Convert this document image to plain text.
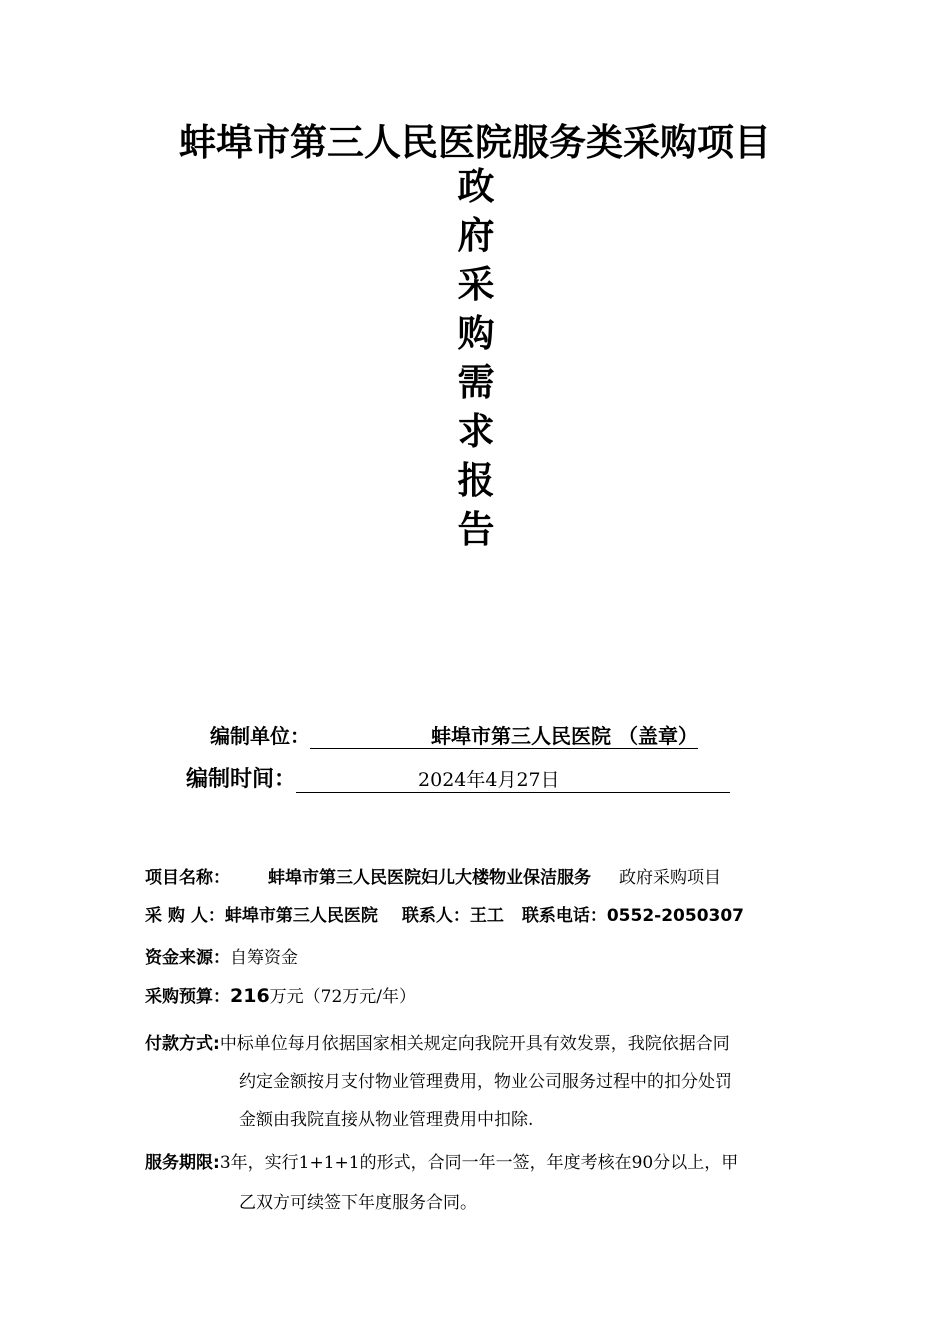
蚌埠市第三人民医院服务类采购项目
政
府
采
购
需
求
报
告
编制单位：	蚌埠市第三人民医院 （盖章）
编制时间：	2024年4月27日
项目名称： 蚌埠市第三人民医院妇儿大楼物业保洁服务 政府采购项目
采 购 人：蚌埠市第三人民医院 联系人：王工 联系电话：0552-2050307
资金来源：自筹资金
采购预算：216万元（72万元/年）
付款方式:中标单位每月依据国家相关规定向我院开具有效发票，我院依据合同
约定金额按月支付物业管理费用，物业公司服务过程中的扣分处罚
金额由我院直接从物业管理费用中扣除.
服务期限:3年，实行1+1+1的形式，合同一年一签，年度考核在90分以上，甲
乙双方可续签下年度服务合同。
